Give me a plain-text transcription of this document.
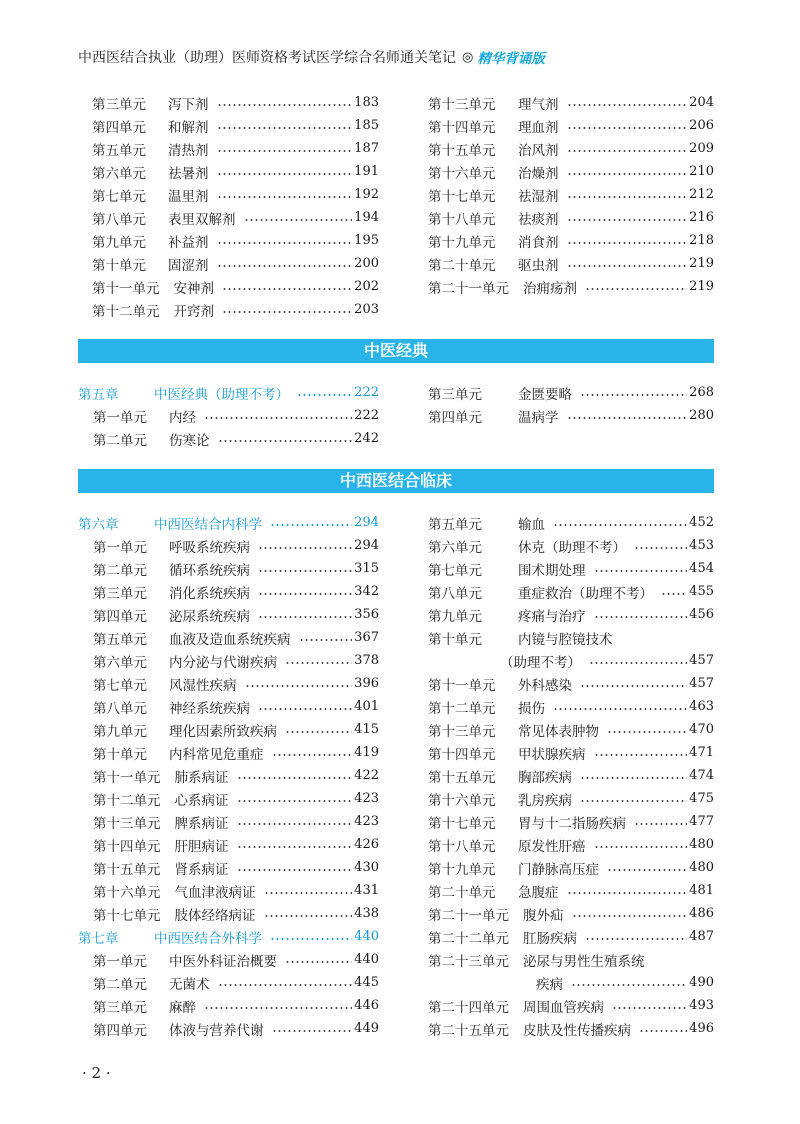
中西医结合执业（助理）医师资格考试医学综合名师通关笔记 ◎ 精华背诵版
第三单元	泻下剂	183
第四单元	和解剂	185
第五单元	清热剂	187
第六单元	祛暑剂	191
第七单元	温里剂	192
第八单元	表里双解剂	194
第九单元	补益剂	195
第十单元	固涩剂	200
第十一单元 安神剂	202
第十二单元 开窍剂	203
第十三单元	理气剂	204
第十四单元	理血剂	206
第十五单元	治风剂	209
第十六单元	治燥剂	210
第十七单元	祛湿剂	212
第十八单元	祛痰剂	216
第十九单元	消食剂	218
第二十单元	驱虫剂	219
第二十一单元 治痈疡剂	219
中医经典
第五章	中医经典（助理不考）	222
第一单元	内经	222
第二单元	伤寒论	242
第三单元	金匮要略	268
第四单元	温病学	280
中西医结合临床
第六章	中西医结合内科学	294
第一单元	呼吸系统疾病	294
第二单元	循环系统疾病	315
第三单元	消化系统疾病	342
第四单元	泌尿系统疾病	356
第五单元	血液及造血系统疾病	367
第六单元	内分泌与代谢疾病	378
第七单元	风湿性疾病	396
第八单元	神经系统疾病	401
第九单元	理化因素所致疾病	415
第十单元	内科常见危重症	419
第十一单元 肺系病证	422
第十二单元 心系病证	423
第十三单元 脾系病证	423
第十四单元 肝胆病证	426
第十五单元 肾系病证	430
第十六单元 气血津液病证	431
第十七单元 肢体经络病证	438
第七章	中西医结合外科学	440
第一单元	中医外科证治概要	440
第二单元	无菌术	445
第三单元	麻醉	446
第四单元	体液与营养代谢	449
第五单元	输血	452
第六单元	休克（助理不考）	453
第七单元	围术期处理	454
第八单元	重症救治（助理不考）	455
第九单元	疼痛与治疗	456
第十单元	内镜与腔镜技术
（助理不考）	457
第十一单元	外科感染	457
第十二单元	损伤	463
第十三单元	常见体表肿物	470
第十四单元	甲状腺疾病	471
第十五单元	胸部疾病	474
第十六单元	乳房疾病	475
第十七单元	胃与十二指肠疾病	477
第十八单元	原发性肝癌	480
第十九单元	门静脉高压症	480
第二十单元	急腹症	481
第二十一单元 腹外疝	486
第二十二单元 肛肠疾病	487
第二十三单元 泌尿与男性生殖系统
疾病	490
第二十四单元 周围血管疾病	493
第二十五单元 皮肤及性传播疾病	496
· 2 ·
